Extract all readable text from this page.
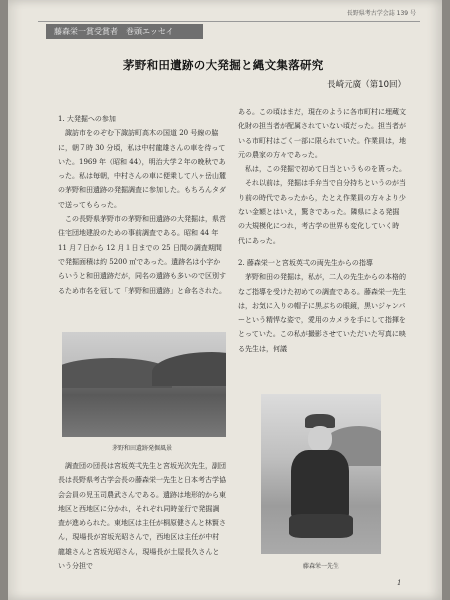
長野県考古学会誌 139 号
藤森栄一賞受賞者　巻頭エッセイ
茅野和田遺跡の大発掘と縄文集落研究
長崎元廣（第10回）
1. 大発掘への参加

諏訪市をのぞむ下諏訪町高木の国道 20 号線の脇に，朝７時 30 分頃，私は中村龍雄さんの車を待っていた。1969 年（昭和 44），明治大学２年の晩秋であった。私は毎朝，中村さんの車に便乗して八ヶ岳山麓の茅野和田遺跡の発掘調査に参加した。もちろんタダで送ってもらった。

この長野県茅野市の茅野和田遺跡の大発掘は，県営住宅団地建設のための事前調査である。昭和 44 年 11 月７日から 12 月１日までの 25 日間の調査期間で発掘面積は約 5200 ㎡であった。遺跡名は小字からいうと和田遺跡だが，同名の遺跡も多いので区別するため市名を冠して「茅野和田遺跡」と命名された。

茅野和田遺跡発掘風景

調査団の団長は宮坂英弌先生と宮坂光次先生，副団長は長野県考古学会長の藤森栄一先生と日本考古学協会会員の児玉司農武さんである。遺跡は地形的から東地区と西地区に分かれ，それぞれ同時並行で発掘調査が進められた。東地区は主任が桐原健さんと林賢さん，現場長が宮坂光昭さんで，西地区は主任が中村龍雄さんと宮坂光昭さん，現場長が土屋長久さんという分担で

ある。この頃はまだ，現在のように各市町村に埋蔵文化財の担当者が配属されていない頃だった。担当者がいる市町村はごく一部に限られていた。作業員は，地元の農家の方々であった。

私は，この発掘で初めて日当というものを貰った。

それ以前は，発掘は手弁当で自分持ちというのが当り前の時代であったから，たとえ作業員の方々より少ない金額とはいえ，驚きであった。隣県による発掘の大規模化につれ，考古学の世界も変化していく時代にあった。

2. 藤森栄一と宮坂英弌の両先生からの指導

茅野和田の発掘は，私が，二人の先生からの本格的なご指導を受けた初めての調査である。藤森栄一先生は，お気に入りの帽子に黒ぶちの眼鏡，黒いジャンパーという精悍な姿で，愛用のカメラを手にして指揮をとっていた。この私が撮影させていただいた写真に映る先生は，何議

藤森栄一先生
1
